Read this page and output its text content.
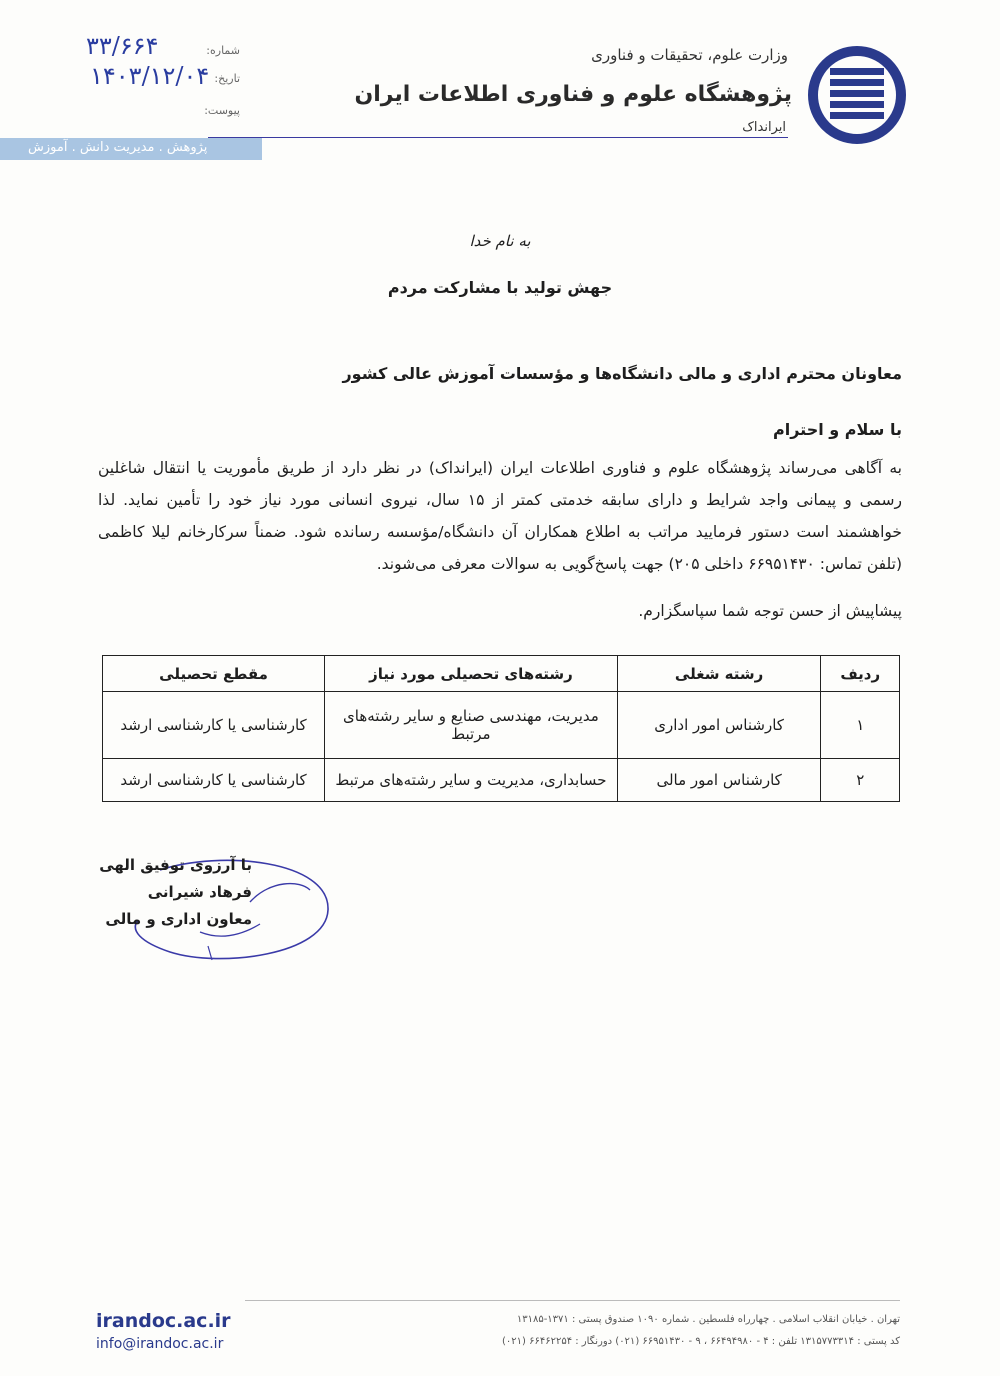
وزارت علوم، تحقیقات و فناوری
پژوهشگاه علوم و فناوری اطلاعات ایران
ایرانداک
شماره:
۳۳/۶۶۴
تاریخ:
۱۴۰۳/۱۲/۰۴
پیوست:
پژوهش . مدیریت دانش . آموزش
به نام خدا
جهش تولید با مشارکت مردم
معاونان محترم اداری و مالی دانشگاه‌ها و مؤسسات آموزش عالی کشور
با سلام و احترام
به آگاهی می‌رساند پژوهشگاه علوم و فناوری اطلاعات ایران (ایرانداک) در نظر دارد از طریق مأموریت یا انتقال شاغلین رسمی و پیمانی واجد شرایط و دارای سابقه خدمتی کمتر از ۱۵ سال، نیروی انسانی مورد نیاز خود را تأمین نماید. لذا خواهشمند است دستور فرمایید مراتب به اطلاع همکاران آن دانشگاه/مؤسسه رسانده شود. ضمناً سرکارخانم لیلا کاظمی (تلفن تماس: ۶۶۹۵۱۴۳۰ داخلی ۲۰۵) جهت پاسخ‌گویی به سوالات معرفی می‌شوند.
پیشاپیش از حسن توجه شما سپاسگزارم.
ردیف	رشته شغلی	رشته‌های تحصیلی مورد نیاز	مقطع تحصیلی
۱	کارشناس امور اداری	مدیریت، مهندسی صنایع و سایر رشته‌های مرتبط	کارشناسی یا کارشناسی ارشد
۲	کارشناس امور مالی	حسابداری، مدیریت و سایر رشته‌های مرتبط	کارشناسی یا کارشناسی ارشد
با آرزوی توفیق الهی
فرهاد شیرانی
معاون اداری و مالی
irandoc.ac.ir
info@irandoc.ac.ir
تهران . خیابان انقلاب اسلامی . چهارراه فلسطین . شماره ۱۰۹۰ صندوق پستی : ۱۳۷۱-۱۳۱۸۵
کد پستی : ۱۳۱۵۷۷۳۳۱۴ تلفن : ۴ - ۶۶۴۹۴۹۸۰ ، ۹ - ۶۶۹۵۱۴۳۰ (۰۲۱) دورنگار : ۶۶۴۶۲۲۵۴ (۰۲۱)
